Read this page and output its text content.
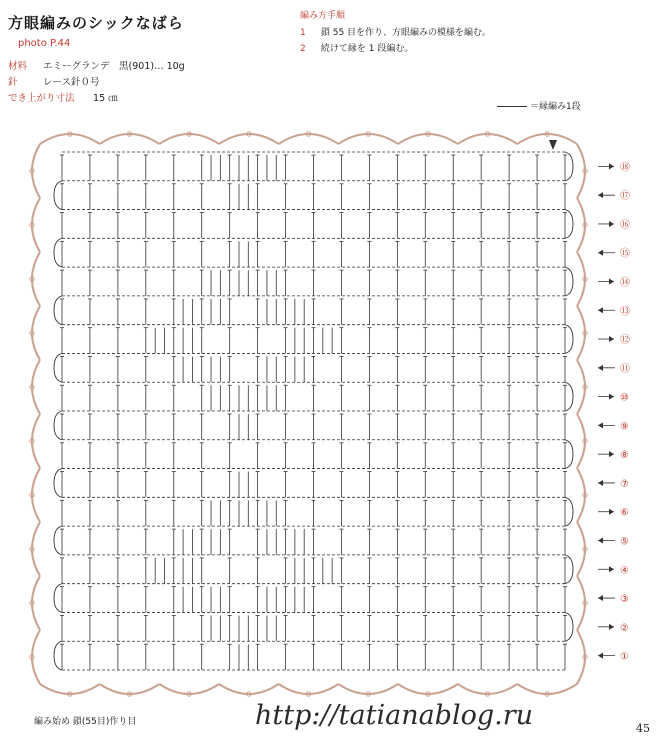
方眼編みのシックなばら
photo P.44
材料 エミーグランデ　黒(901)… 10g
針	レース針０号
でき上がり寸法 15 ㎝
編み方手順
1 鎖 55 目を作り、方眼編みの模様を編む。
2 続けて縁を 1 段編む。
＝縁編み1段
①
②
③
④
⑤
⑥
⑦
⑧
⑨
⑩
⑪
⑫
⑬
⑭
⑮
⑯
⑰
⑱
編み始め 鎖(55目)作り目	http://tatianablog.ru	45
